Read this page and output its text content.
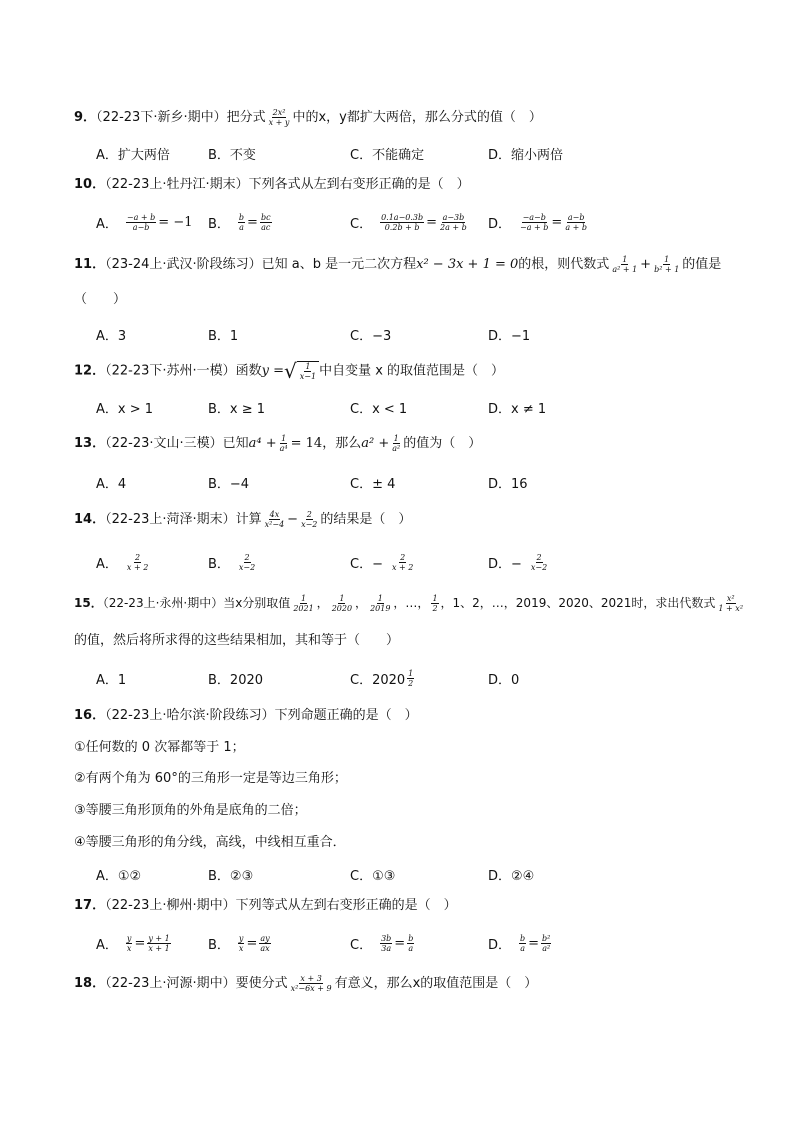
9．（22-23下·新乡·期中）把分式 $\frac{\text{2x²}}{x + y}$ 中的x，y都扩大两倍，那么分式的值（　）
A．扩大两倍	B．不变	C．不能确定	D．缩小两倍
10．（22-23上·牡丹江·期末）下列各式从左到右变形正确的是（　）
A． $\frac{-a + b}{a-b} = -1$ B． $\frac{b}{a} = \frac{bc}{ac}$	C． $\frac{0.1a-0.3b}{0.2b + b} = \frac{a-3b}{2a + b}$ D． $\frac{-a-b}{-a + b} = \frac{a-b}{a + b}$
11．（23-24上·武汉·阶段练习）已知 a、b 是一元二次方程x² − 3x + 1 = 0的根，则代数式 $\frac{1}{\text{a² + 1}} + \frac{1}{\text{b² + 1}}$ 的值是
（　　）
A．3	B．1	C．−3	D．−1
12．（22-23下·苏州·一模）函数y = √ $\frac{1}{x-1}$ 中自变量 x 的取值范围是（　）
A．x > 1	B．x ≥ 1	C．x < 1	D．x ≠ 1
13．（22-23·文山·三模）已知$a^4 + \frac{1}{\text{a⁴}} = 14$，那么$a^2 + \frac{1}{\text{a²}}$ 的值为（　）
A．4	B．−4	C．± 4	D．16
14．（22-23上·菏泽·期末）计算 $\frac{4x}{\text{x²−4}} - \frac{2}{x-2}$ 的结果是（　）
A． $\frac{2}{x + 2}$	B． $\frac{2}{x-2}$	C．− $\frac{2}{x + 2}$	D．− $\frac{2}{x-2}$
15．（22-23上·永州·期中）当x分别取值 $\frac{1}{2021}$ ， $\frac{1}{2020}$ ， $\frac{1}{2019}$ ，…， $\frac{1}{2}$ ，1、2，…，2019、2020、2021时，求出代数式 $\frac{\text{x²}}{\text{1 + x²}}$
的值，然后将所求得的这些结果相加，其和等于（　　）
A．1	B．2020	C．$2020 \frac{1}{2}$	D．0
16．（22-23上·哈尔滨·阶段练习）下列命题正确的是（　）
①任何数的 0 次幂都等于 1；
②有两个角为 60°的三角形一定是等边三角形；
③等腰三角形顶角的外角是底角的二倍；
④等腰三角形的角分线，高线，中线相互重合．
A．①②	B．②③	C．①③	D．②④
17．（22-23上·柳州·期中）下列等式从左到右变形正确的是（　）
A． $\frac{y}{x} = \frac{y + 1}{x + 1}$	B． $\frac{y}{x} = \frac{ay}{ax}$	C． $\frac{3b}{3a} = \frac{b}{a}$	D． $\frac{b}{a} = \frac{\text{b²}}{\text{a²}}$
18．（22-23上·河源·期中）要使分式 $\frac{x + 3}{\text{x²−6x + 9}}$ 有意义，那么x的取值范围是（　）
